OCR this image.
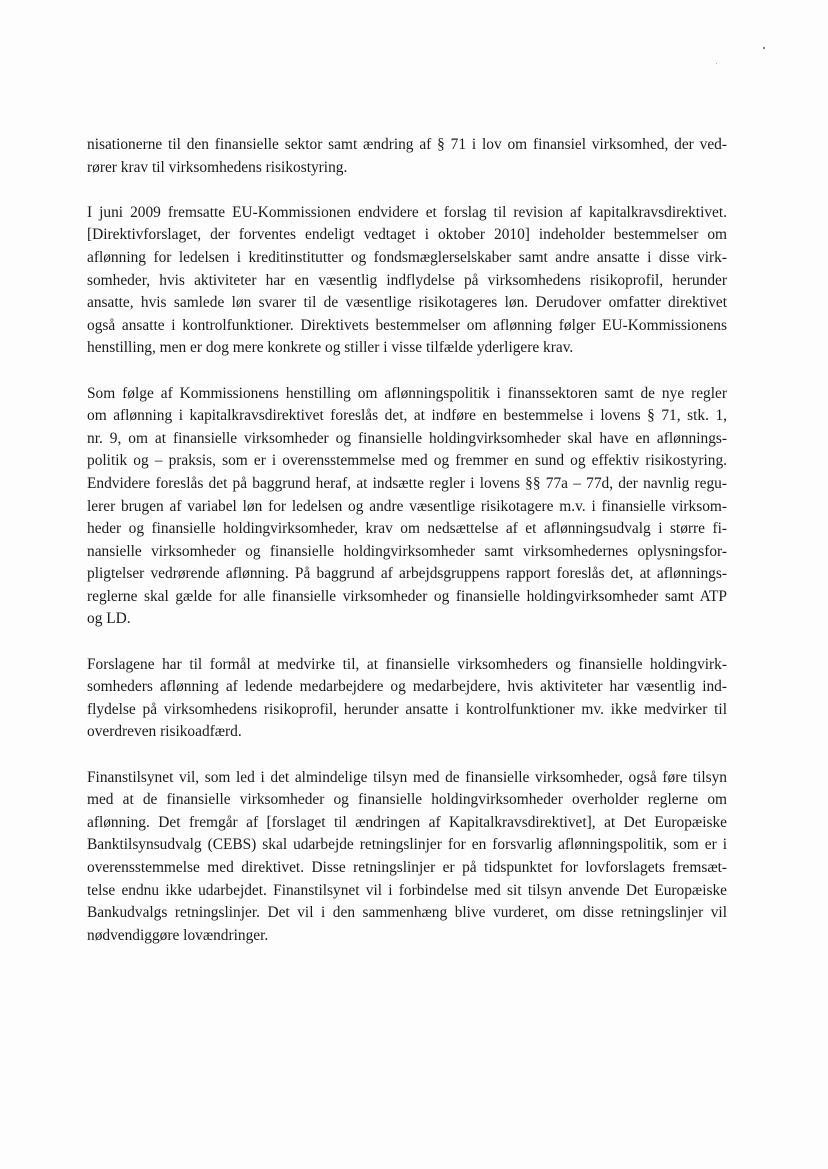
nisationerne til den finansielle sektor samt ændring af § 71 i lov om finansiel virksomhed, der ved-
rører krav til virksomhedens risikostyring.
I juni 2009 fremsatte EU-Kommissionen endvidere et forslag til revision af kapitalkravsdirektivet.
[Direktivforslaget, der forventes endeligt vedtaget i oktober 2010] indeholder bestemmelser om
aflønning for ledelsen i kreditinstitutter og fondsmæglerselskaber samt andre ansatte i disse virk-
somheder, hvis aktiviteter har en væsentlig indflydelse på virksomhedens risikoprofil, herunder
ansatte, hvis samlede løn svarer til de væsentlige risikotageres løn. Derudover omfatter direktivet
også ansatte i kontrolfunktioner. Direktivets bestemmelser om aflønning følger EU-Kommissionens
henstilling, men er dog mere konkrete og stiller i visse tilfælde yderligere krav.
Som følge af Kommissionens henstilling om aflønningspolitik i finanssektoren samt de nye regler
om aflønning i kapitalkravsdirektivet foreslås det, at indføre en bestemmelse i lovens § 71, stk. 1,
nr. 9, om at finansielle virksomheder og finansielle holdingvirksomheder skal have en aflønnings-
politik og – praksis, som er i overensstemmelse med og fremmer en sund og effektiv risikostyring.
Endvidere foreslås det på baggrund heraf, at indsætte regler i lovens §§ 77a – 77d, der navnlig regu-
lerer brugen af variabel løn for ledelsen og andre væsentlige risikotagere m.v. i finansielle virksom-
heder og finansielle holdingvirksomheder, krav om nedsættelse af et aflønningsudvalg i større fi-
nansielle virksomheder og finansielle holdingvirksomheder samt virksomhedernes oplysningsfor-
pligtelser vedrørende aflønning. På baggrund af arbejdsgruppens rapport foreslås det, at aflønnings-
reglerne skal gælde for alle finansielle virksomheder og finansielle holdingvirksomheder samt ATP
og LD.
Forslagene har til formål at medvirke til, at finansielle virksomheders og finansielle holdingvirk-
somheders aflønning af ledende medarbejdere og medarbejdere, hvis aktiviteter har væsentlig ind-
flydelse på virksomhedens risikoprofil, herunder ansatte i kontrolfunktioner mv. ikke medvirker til
overdreven risikoadfærd.
Finanstilsynet vil, som led i det almindelige tilsyn med de finansielle virksomheder, også føre tilsyn
med at de finansielle virksomheder og finansielle holdingvirksomheder overholder reglerne om
aflønning. Det fremgår af [forslaget til ændringen af Kapitalkravsdirektivet], at Det Europæiske
Banktilsynsudvalg (CEBS) skal udarbejde retningslinjer for en forsvarlig aflønningspolitik, som er i
overensstemmelse med direktivet. Disse retningslinjer er på tidspunktet for lovforslagets fremsæt-
telse endnu ikke udarbejdet. Finanstilsynet vil i forbindelse med sit tilsyn anvende Det Europæiske
Bankudvalgs retningslinjer. Det vil i den sammenhæng blive vurderet, om disse retningslinjer vil
nødvendiggøre lovændringer.
